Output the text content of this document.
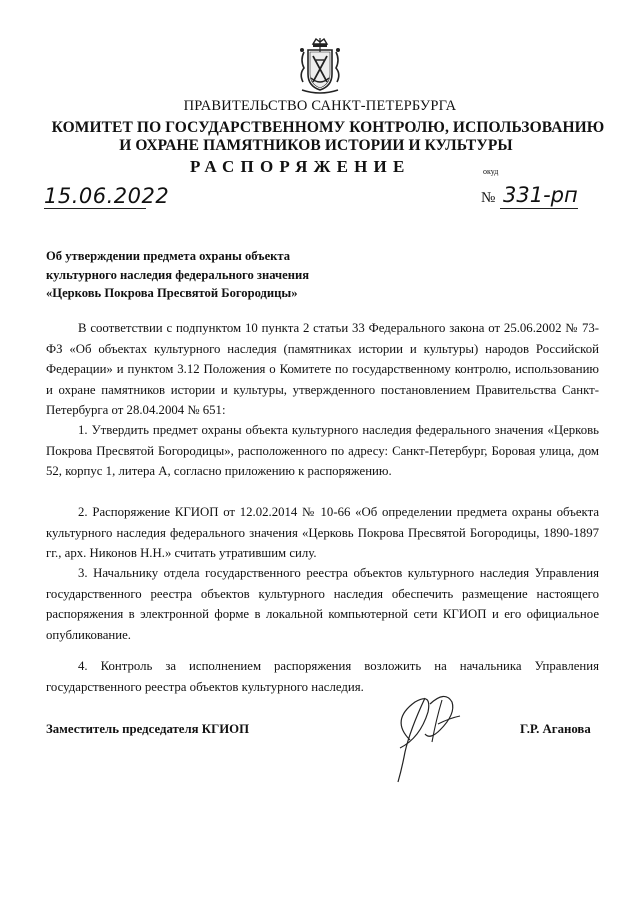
ПРАВИТЕЛЬСТВО САНКТ-ПЕТЕРБУРГА
КОМИТЕТ ПО ГОСУДАРСТВЕННОМУ КОНТРОЛЮ, ИСПОЛЬЗОВАНИЮ
И ОХРАНЕ ПАМЯТНИКОВ ИСТОРИИ И КУЛЬТУРЫ
РАСПОРЯЖЕНИЕ	окуд
15.06.2022	№ 331-рп
Об утверждении предмета охраны объекта
культурного наследия федерального значения
«Церковь Покрова Пресвятой Богородицы»

В соответствии с подпунктом 10 пункта 2 статьи 33 Федерального закона от 25.06.2002 № 73-ФЗ «Об объектах культурного наследия (памятниках истории и культуры) народов Российской Федерации» и пунктом 3.12 Положения о Комитете по государственному контролю, использованию и охране памятников истории и культуры, утвержденного постановлением Правительства Санкт-Петербурга от 28.04.2004 № 651:

1. Утвердить предмет охраны объекта культурного наследия федерального значения «Церковь Покрова Пресвятой Богородицы», расположенного по адресу: Санкт-Петербург, Боровая улица, дом 52, корпус 1, литера А, согласно приложению к распоряжению.

2. Распоряжение КГИОП от 12.02.2014 № 10-66 «Об определении предмета охраны объекта культурного наследия федерального значения «Церковь Покрова Пресвятой Богородицы, 1890-1897 гг., арх. Никонов Н.Н.» считать утратившим силу.

3. Начальнику отдела государственного реестра объектов культурного наследия Управления государственного реестра объектов культурного наследия обеспечить размещение настоящего распоряжения в электронной форме в локальной компьютерной сети КГИОП и его официальное опубликование.

4. Контроль за исполнением распоряжения возложить на начальника Управления государственного реестра объектов культурного наследия.

Заместитель председателя КГИОП	Г.Р. Аганова
